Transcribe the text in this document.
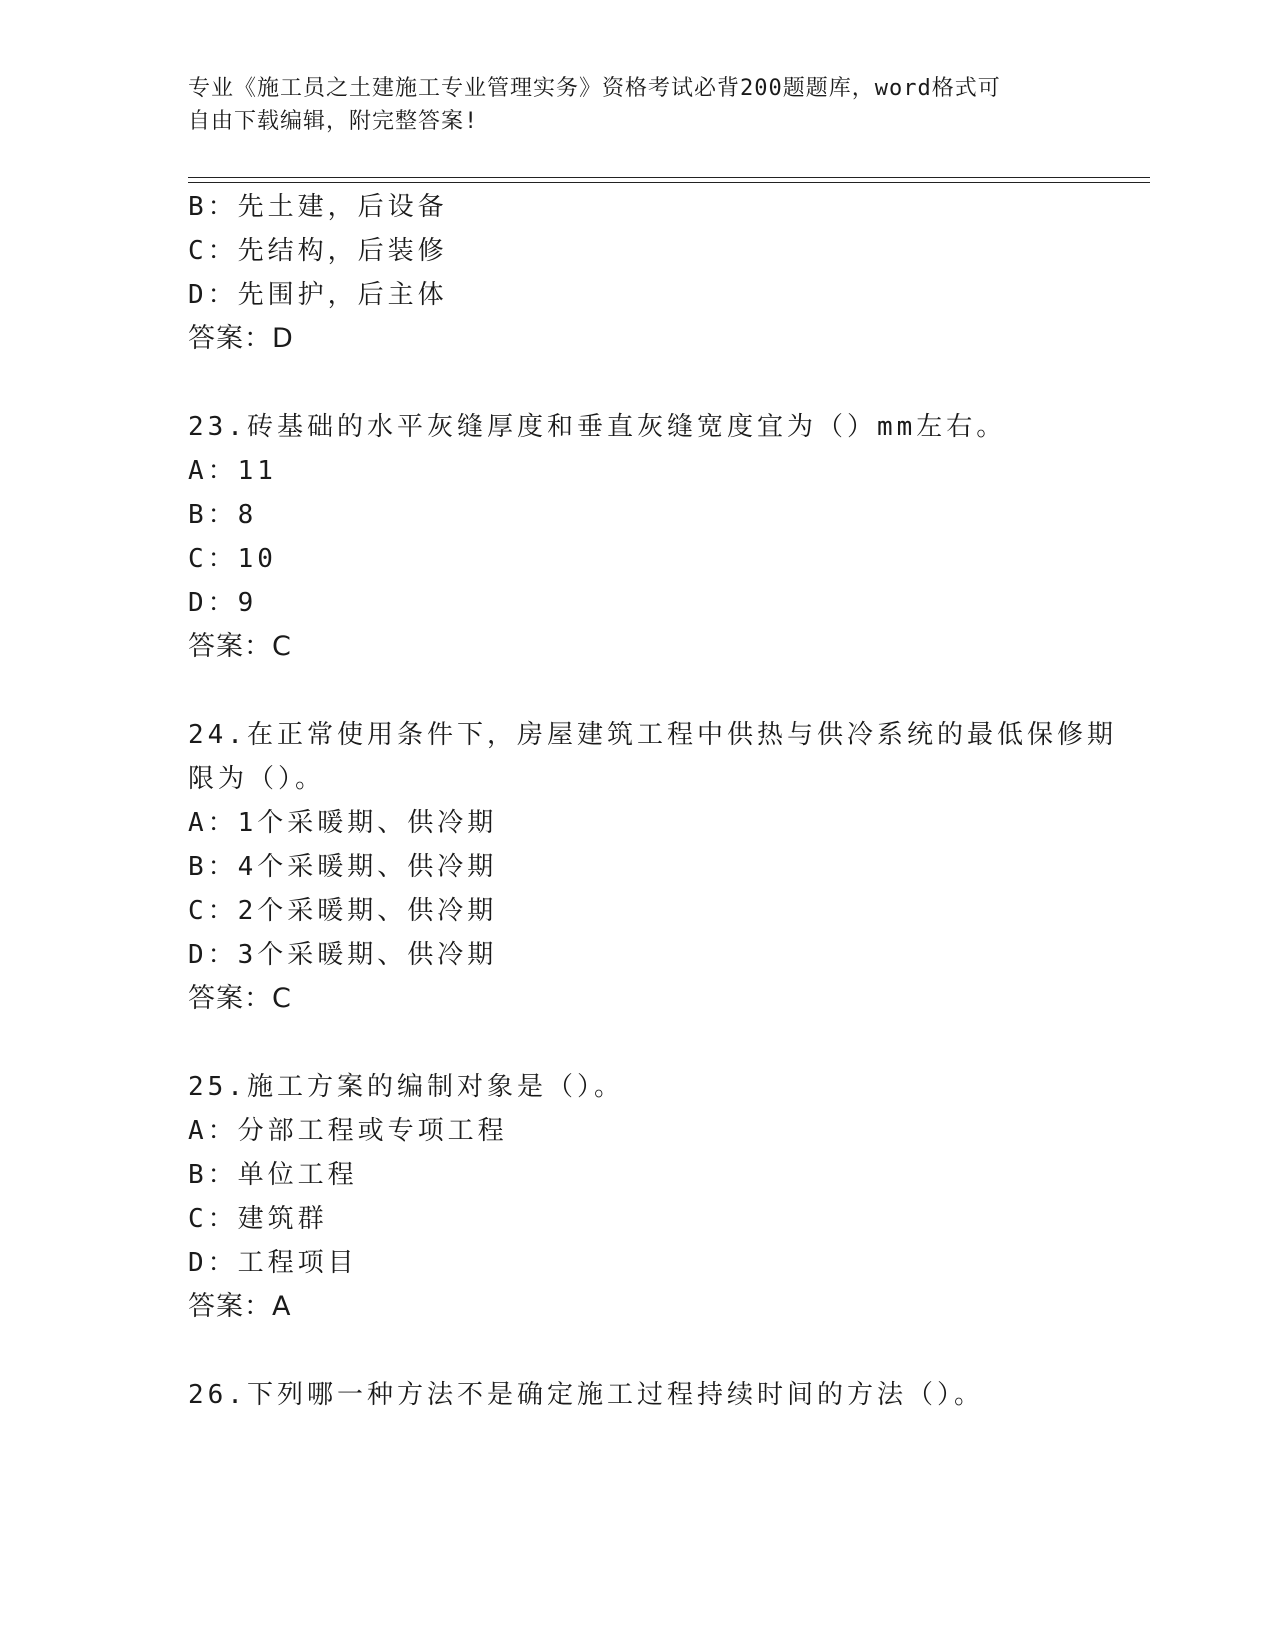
专业《施工员之土建施工专业管理实务》资格考试必背200题题库，word格式可
自由下载编辑，附完整答案!
B：先土建，后设备
C：先结构，后装修
D：先围护，后主体
答案：D
23.砖基础的水平灰缝厚度和垂直灰缝宽度宜为（）mm左右。
A：11
B：8
C：10
D：9
答案：C
24.在正常使用条件下，房屋建筑工程中供热与供冷系统的最低保修期
限为（）。
A：1个采暖期、供冷期
B：4个采暖期、供冷期
C：2个采暖期、供冷期
D：3个采暖期、供冷期
答案：C
25.施工方案的编制对象是（）。
A：分部工程或专项工程
B：单位工程
C：建筑群
D：工程项目
答案：A
26.下列哪一种方法不是确定施工过程持续时间的方法（）。
